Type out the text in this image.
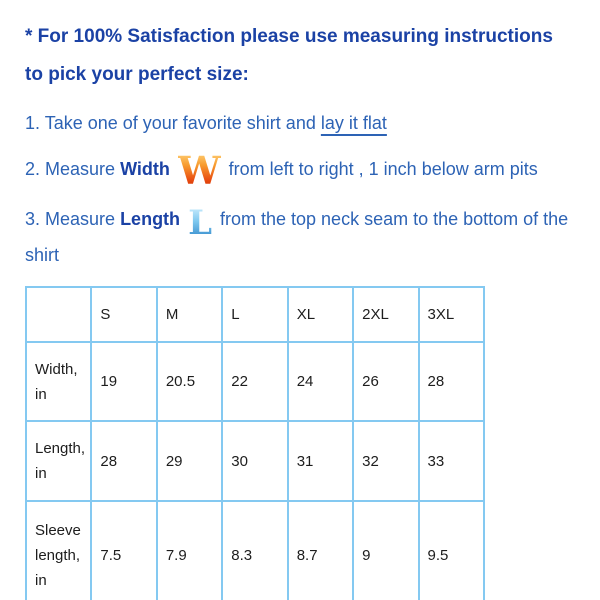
* For 100% Satisfaction please use measuring instructions
to pick your perfect size:

1. Take one of your favorite shirt and lay it flat

2. Measure Width W from left to right , 1 inch below arm pits

3. Measure Length L from the top neck seam to the bottom of the shirt

	S	M	L	XL	2XL	3XL
Width, in	19	20.5	22	24	26	28
Length, in	28	29	30	31	32	33
Sleeve length, in	7.5	7.9	8.3	8.7	9	9.5
